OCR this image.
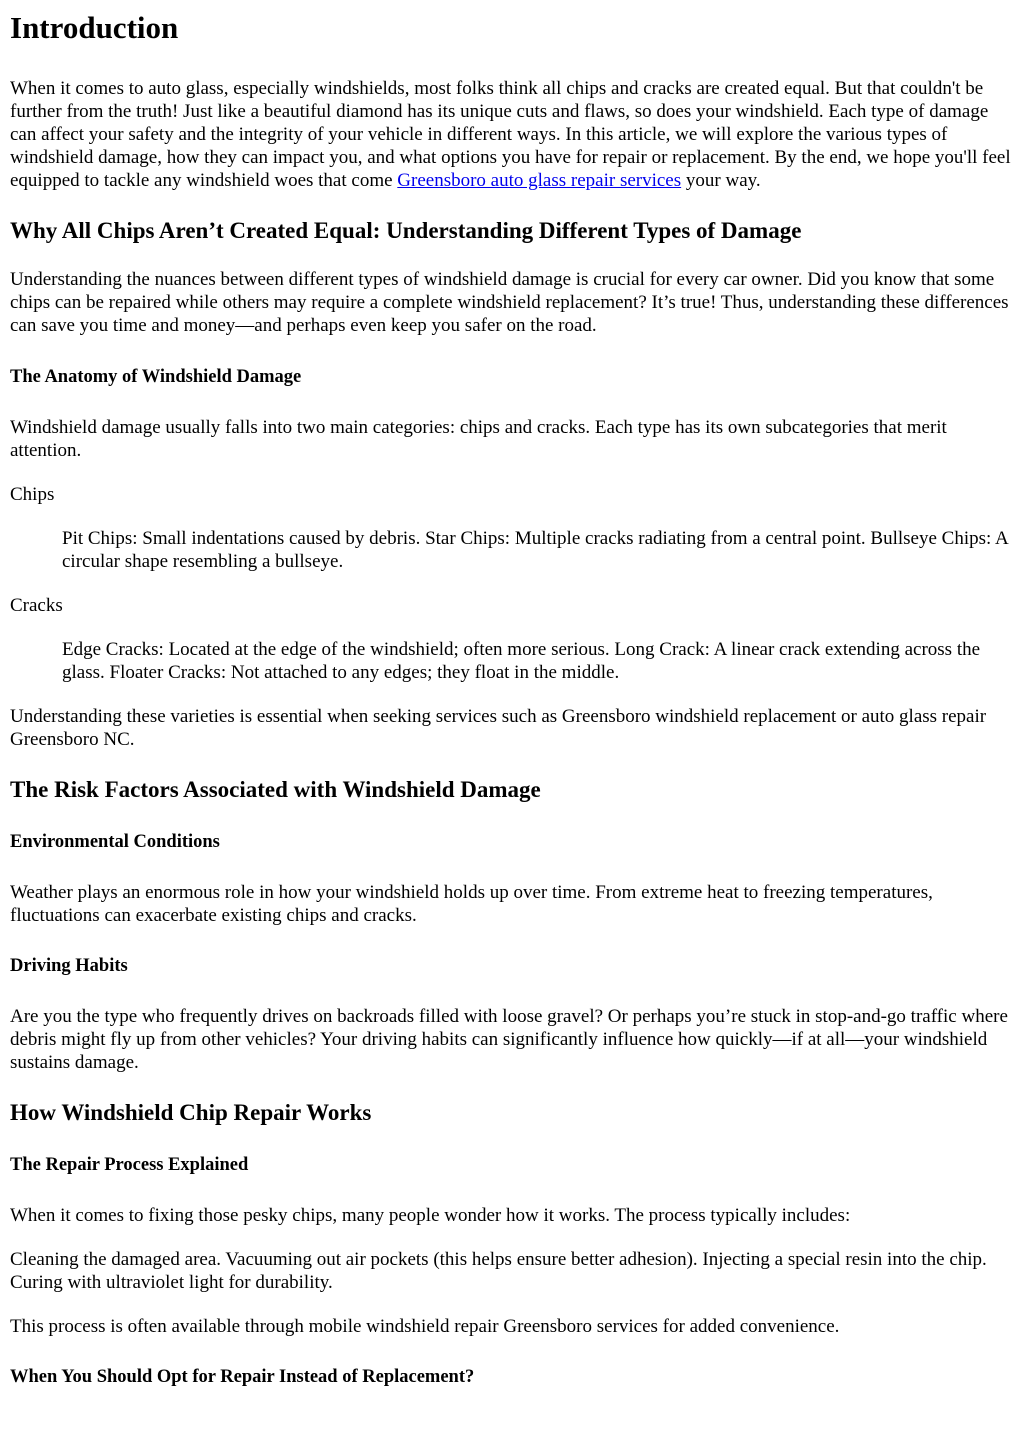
Introduction

When it comes to auto glass, especially windshields, most folks think all chips and cracks are created equal. But that couldn't be further from the truth! Just like a beautiful diamond has its unique cuts and flaws, so does your windshield. Each type of damage can affect your safety and the integrity of your vehicle in different ways. In this article, we will explore the various types of windshield damage, how they can impact you, and what options you have for repair or replacement. By the end, we hope you'll feel equipped to tackle any windshield woes that come Greensboro auto glass repair services your way.

Why All Chips Aren’t Created Equal: Understanding Different Types of Damage

Understanding the nuances between different types of windshield damage is crucial for every car owner. Did you know that some chips can be repaired while others may require a complete windshield replacement? It’s true! Thus, understanding these differences can save you time and money—and perhaps even keep you safer on the road.

The Anatomy of Windshield Damage

Windshield damage usually falls into two main categories: chips and cracks. Each type has its own subcategories that merit attention.

Chips

Pit Chips: Small indentations caused by debris. Star Chips: Multiple cracks radiating from a central point. Bullseye Chips: A circular shape resembling a bullseye.

Cracks

Edge Cracks: Located at the edge of the windshield; often more serious. Long Crack: A linear crack extending across the glass. Floater Cracks: Not attached to any edges; they float in the middle.

Understanding these varieties is essential when seeking services such as Greensboro windshield replacement or auto glass repair Greensboro NC.

The Risk Factors Associated with Windshield Damage
Environmental Conditions

Weather plays an enormous role in how your windshield holds up over time. From extreme heat to freezing temperatures, fluctuations can exacerbate existing chips and cracks.

Driving Habits

Are you the type who frequently drives on backroads filled with loose gravel? Or perhaps you’re stuck in stop-and-go traffic where debris might fly up from other vehicles? Your driving habits can significantly influence how quickly—if at all—your windshield sustains damage.

How Windshield Chip Repair Works
The Repair Process Explained

When it comes to fixing those pesky chips, many people wonder how it works. The process typically includes:

Cleaning the damaged area. Vacuuming out air pockets (this helps ensure better adhesion). Injecting a special resin into the chip. Curing with ultraviolet light for durability.

This process is often available through mobile windshield repair Greensboro services for added convenience.

When You Should Opt for Repair Instead of Replacement?
